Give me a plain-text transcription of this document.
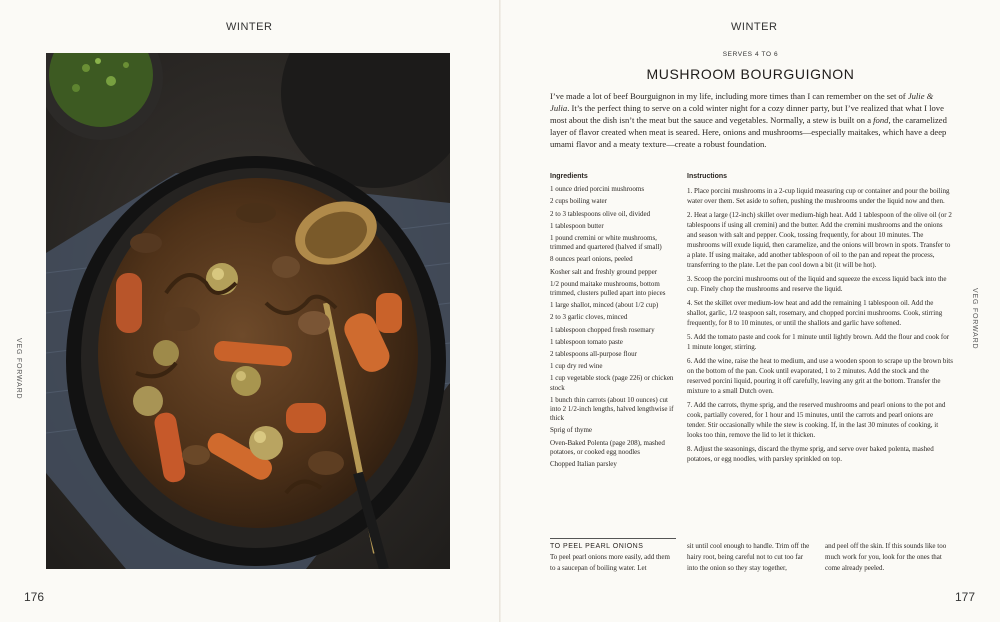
WINTER
VEG FORWARD
176
WINTER
VEG FORWARD
SERVES 4 TO 6
MUSHROOM BOURGUIGNON
I’ve made a lot of beef Bourguignon in my life, including more times than I can remember on the set of Julie & Julia. It’s the perfect thing to serve on a cold winter night for a cozy dinner party, but I’ve realized that what I love most about the dish isn’t the meat but the sauce and vegetables. Normally, a stew is built on a fond, the caramelized layer of flavor created when meat is seared. Here, onions and mushrooms—especially maitakes, which have a deep umami flavor and a meaty texture—create a robust foundation.
Ingredients
1 ounce dried porcini mushrooms
2 cups boiling water
2 to 3 tablespoons olive oil, divided
1 tablespoon butter
1 pound cremini or white mushrooms, trimmed and quartered (halved if small)
8 ounces pearl onions, peeled
Kosher salt and freshly ground pepper
1/2 pound maitake mushrooms, bottom trimmed, clusters pulled apart into pieces
1 large shallot, minced (about 1/2 cup)
2 to 3 garlic cloves, minced
1 tablespoon chopped fresh rosemary
1 tablespoon tomato paste
2 tablespoons all-purpose flour
1 cup dry red wine
1 cup vegetable stock (page 226) or chicken stock
1 bunch thin carrots (about 10 ounces) cut into 2 1/2-inch lengths, halved lengthwise if thick
Sprig of thyme
Oven-Baked Polenta (page 208), mashed potatoes, or cooked egg noodles
Chopped Italian parsley
Instructions
1. Place porcini mushrooms in a 2-cup liquid measuring cup or container and pour the boiling water over them. Set aside to soften, pushing the mushrooms under the liquid now and then.
2. Heat a large (12-inch) skillet over medium-high heat. Add 1 tablespoon of the olive oil (or 2 tablespoons if using all cremini) and the butter. Add the cremini mushrooms and the onions and season with salt and pepper. Cook, tossing frequently, for about 10 minutes. The mushrooms will exude liquid, then caramelize, and the onions will brown in spots. Transfer to a plate. If using maitake, add another tablespoon of oil to the pan and repeat the process, transferring to the plate. Let the pan cool down a bit (it will be hot).
3. Scoop the porcini mushrooms out of the liquid and squeeze the excess liquid back into the cup. Finely chop the mushrooms and reserve the liquid.
4. Set the skillet over medium-low heat and add the remaining 1 tablespoon oil. Add the shallot, garlic, 1/2 teaspoon salt, rosemary, and chopped porcini mushrooms. Cook, stirring frequently, for 8 to 10 minutes, or until the shallots and garlic have softened.
5. Add the tomato paste and cook for 1 minute until lightly brown. Add the flour and cook for 1 minute longer, stirring.
6. Add the wine, raise the heat to medium, and use a wooden spoon to scrape up the brown bits on the bottom of the pan. Cook until evaporated, 1 to 2 minutes. Add the stock and the reserved porcini liquid, pouring it off carefully, leaving any grit at the bottom. Transfer the mixture to a small Dutch oven.
7. Add the carrots, thyme sprig, and the reserved mushrooms and pearl onions to the pot and cook, partially covered, for 1 hour and 15 minutes, until the carrots and pearl onions are tender. Stir occasionally while the stew is cooking. If, in the last 30 minutes of cooking, it looks too thin, remove the lid to let it thicken.
8. Adjust the seasonings, discard the thyme sprig, and serve over baked polenta, mashed potatoes, or egg noodles, with parsley sprinkled on top.
TO PEEL PEARL ONIONS
To peel pearl onions more easily, add them to a saucepan of boiling water. Let
sit until cool enough to handle. Trim off the hairy root, being careful not to cut too far into the onion so they stay together,
and peel off the skin. If this sounds like too much work for you, look for the ones that come already peeled.
177
